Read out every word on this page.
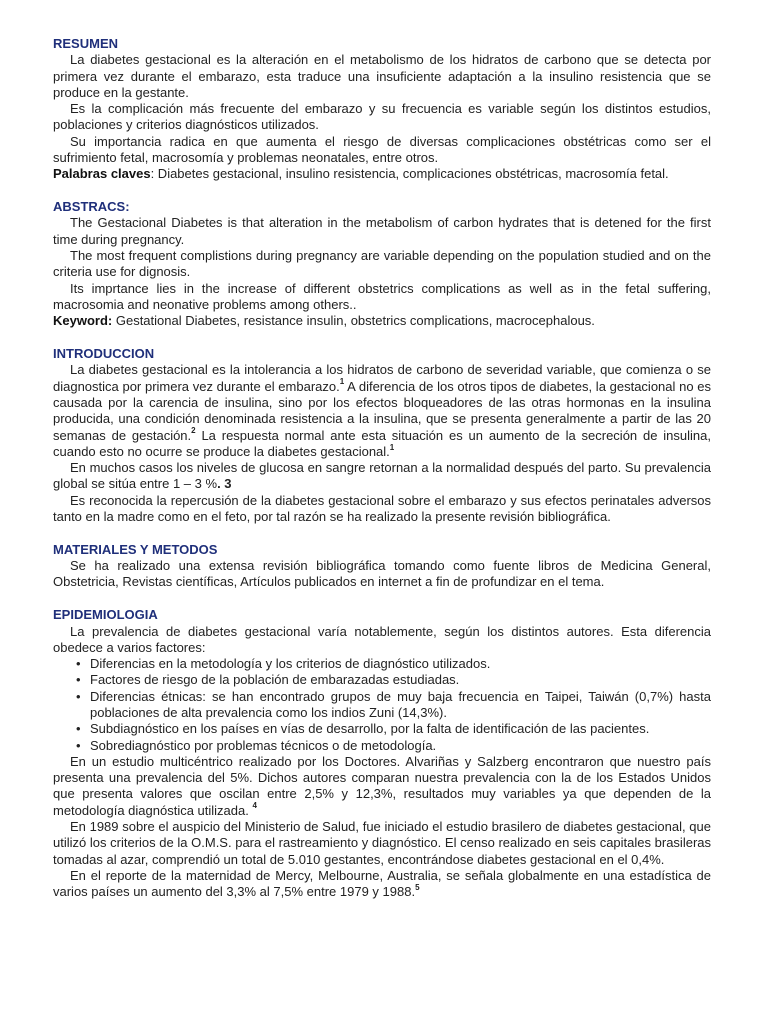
RESUMEN

La diabetes gestacional es la alteración en el metabolismo de los hidratos de carbono que se detecta por primera vez durante el embarazo, esta traduce una insuficiente adaptación a la insulino resistencia que se produce en la gestante.

Es la complicación más frecuente del embarazo y su frecuencia es variable según los distintos estudios, poblaciones y criterios diagnósticos utilizados.

Su importancia radica en que aumenta el riesgo de diversas complicaciones obstétricas como ser el sufrimiento fetal, macrosomía y problemas neonatales, entre otros.

Palabras claves: Diabetes gestacional, insulino resistencia, complicaciones obstétricas, macrosomía fetal.

ABSTRACS:

The Gestacional Diabetes is that alteration in the metabolism of carbon hydrates that is detened for the first time during pregnancy.

The most frequent complistions during pregnancy are variable depending on the population studied and on the criteria use for dignosis.

Its imprtance lies in the increase of different obstetrics complications as well as in the fetal suffering, macrosomia and neonative problems among others..

Keyword: Gestational Diabetes, resistance insulin, obstetrics complications, macrocephalous.

INTRODUCCION

La diabetes gestacional es la intolerancia a los hidratos de carbono de severidad variable, que comienza o se diagnostica por primera vez durante el embarazo.$^1$ A diferencia de los otros tipos de diabetes, la gestacional no es causada por la carencia de insulina, sino por los efectos bloqueadores de las otras hormonas en la insulina producida, una condición denominada resistencia a la insulina, que se presenta generalmente a partir de las 20 semanas de gestación.$^2$ La respuesta normal ante esta situación es un aumento de la secreción de insulina, cuando esto no ocurre se produce la diabetes gestacional.$^1$

En muchos casos los niveles de glucosa en sangre retornan a la normalidad después del parto. Su prevalencia global se sitúa entre 1 – 3 %. 3

Es reconocida la repercusión de la diabetes gestacional sobre el embarazo y sus efectos perinatales adversos tanto en la madre como en el feto, por tal razón se ha realizado la presente revisión bibliográfica.

MATERIALES Y METODOS

Se ha realizado una extensa revisión bibliográfica tomando como fuente libros de Medicina General, Obstetricia, Revistas científicas, Artículos publicados en internet a fin de profundizar en el tema.

EPIDEMIOLOGIA

La prevalencia de diabetes gestacional varía notablemente, según los distintos autores. Esta diferencia obedece a varios factores:

• Diferencias en la metodología y los criterios de diagnóstico utilizados.
• Factores de riesgo de la población de embarazadas estudiadas.
• Diferencias étnicas: se han encontrado grupos de muy baja frecuencia en Taipei, Taiwán (0,7%) hasta poblaciones de alta prevalencia como los indios Zuni (14,3%).
• Subdiagnóstico en los países en vías de desarrollo, por la falta de identificación de las pacientes.
• Sobrediagnóstico por problemas técnicos o de metodología.

En un estudio multicéntrico realizado por los Doctores. Alvariñas y Salzberg encontraron que nuestro país presenta una prevalencia del 5%. Dichos autores comparan nuestra prevalencia con la de los Estados Unidos que presenta valores que oscilan entre 2,5% y 12,3%, resultados muy variables ya que dependen de la metodología diagnóstica utilizada. $^4$

En 1989 sobre el auspicio del Ministerio de Salud, fue iniciado el estudio brasilero de diabetes gestacional, que utilizó los criterios de la O.M.S. para el rastreamiento y diagnóstico. El censo realizado en seis capitales brasileras tomadas al azar, comprendió un total de 5.010 gestantes, encontrándose diabetes gestacional en el 0,4%.

En el reporte de la maternidad de Mercy, Melbourne, Australia, se señala globalmente en una estadística de varios países un aumento del 3,3% al 7,5% entre 1979 y 1988.$^5$
